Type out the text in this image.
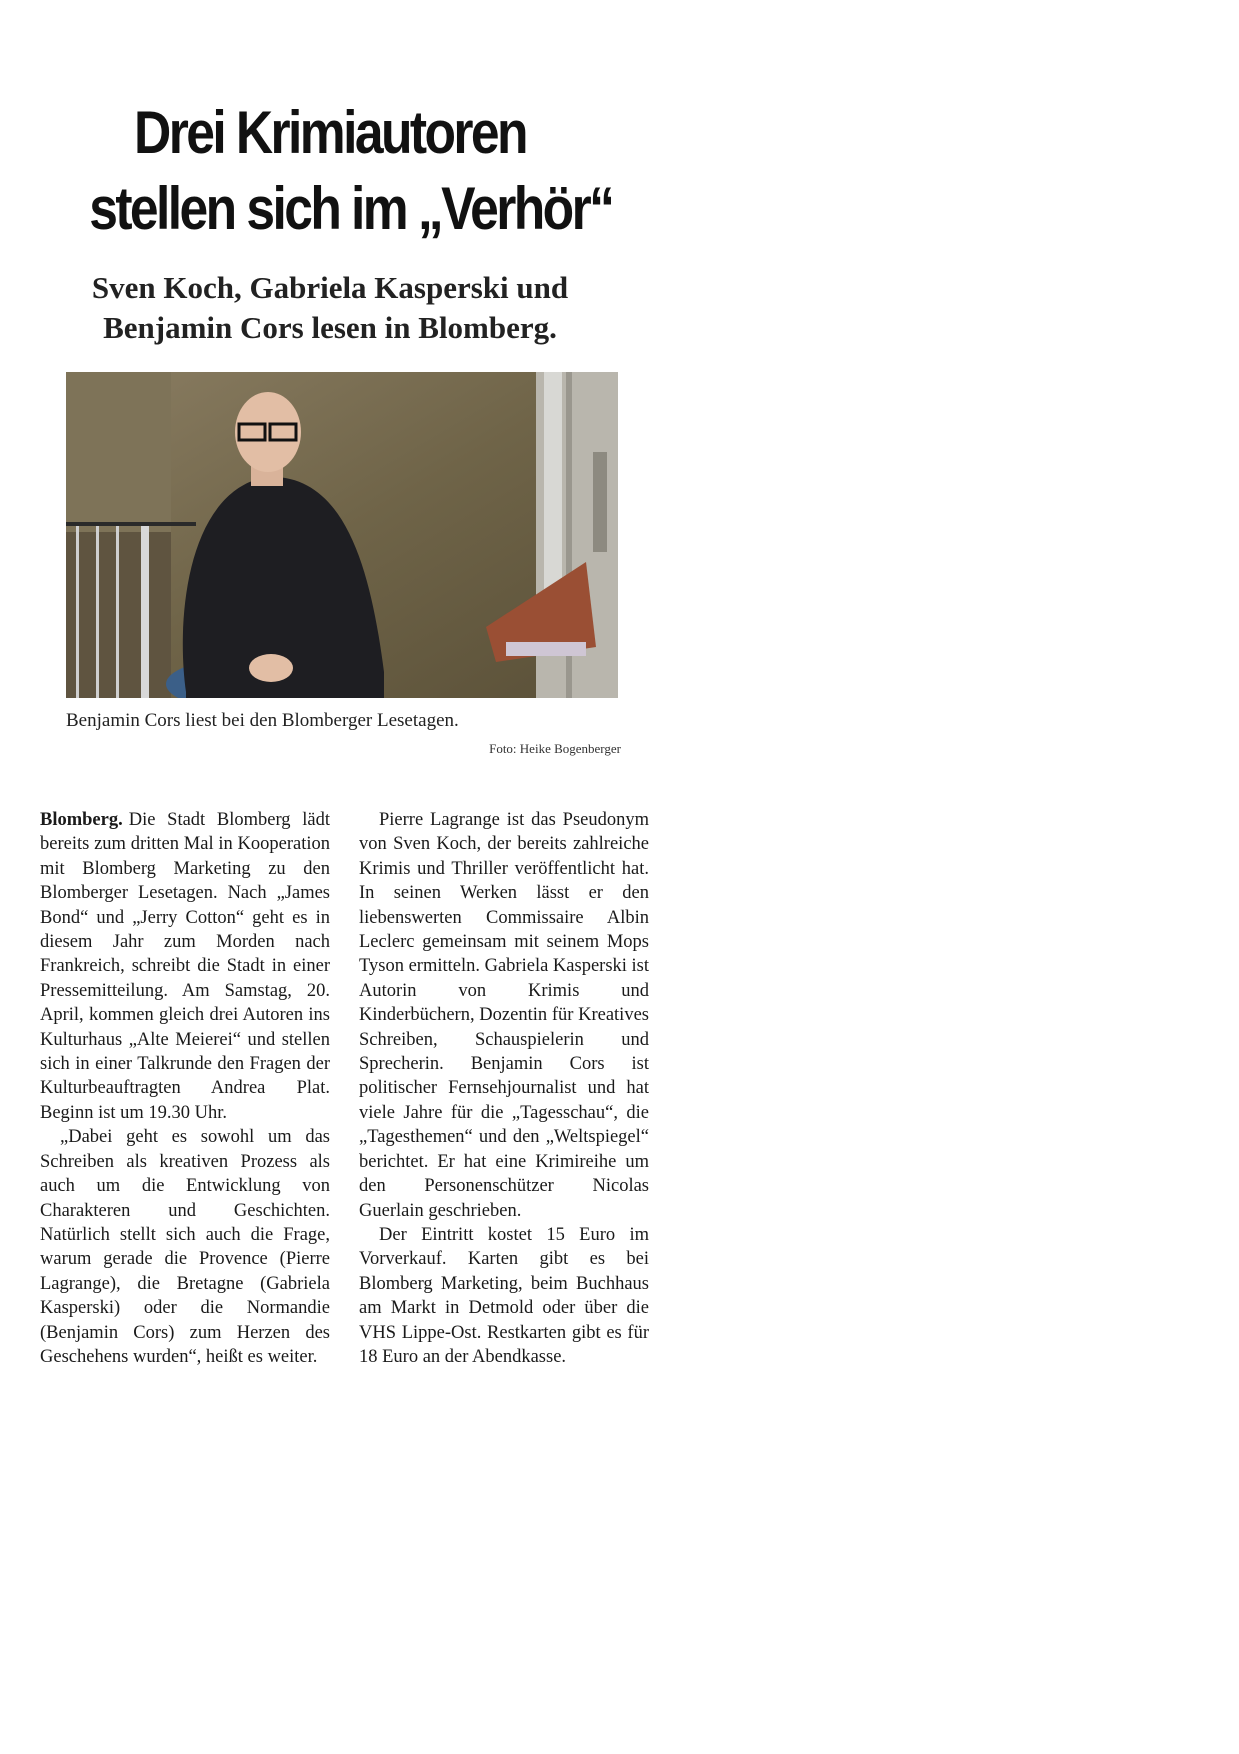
Drei Krimiautoren
stellen sich im „Verhör“
Sven Koch, Gabriela Kasperski und
Benjamin Cors lesen in Blomberg.

Benjamin Cors liest bei den Blomberger Lesetagen.

Foto: Heike Bogenberger

Blomberg. Die Stadt Blomberg lädt bereits zum dritten Mal in Kooperation mit Blomberg Marketing zu den Blomberger Lesetagen. Nach „James Bond“ und „Jerry Cotton“ geht es in diesem Jahr zum Morden nach Frankreich, schreibt die Stadt in einer Pressemitteilung. Am Samstag, 20. April, kommen gleich drei Autoren ins Kulturhaus „Alte Meierei“ und stellen sich in einer Talkrunde den Fragen der Kulturbeauftragten Andrea Plat. Beginn ist um 19.30 Uhr.

„Dabei geht es sowohl um das Schreiben als kreativen Prozess als auch um die Entwicklung von Charakteren und Geschichten. Natürlich stellt sich auch die Frage, warum gerade die Provence (Pierre Lagrange), die Bretagne (Gabriela Kasperski) oder die Normandie (Benjamin Cors) zum Herzen des Geschehens wurden“, heißt es weiter.

Pierre Lagrange ist das Pseudonym von Sven Koch, der bereits zahlreiche Krimis und Thriller veröffentlicht hat. In seinen Werken lässt er den liebenswerten Commissaire Albin Leclerc gemeinsam mit seinem Mops Tyson ermitteln. Gabriela Kasperski ist Autorin von Krimis und Kinderbüchern, Dozentin für Kreatives Schreiben, Schauspielerin und Sprecherin. Benjamin Cors ist politischer Fernsehjournalist und hat viele Jahre für die „Tagesschau“, die „Tagesthemen“ und den „Weltspiegel“ berichtet. Er hat eine Krimireihe um den Personenschützer Nicolas Guerlain geschrieben.

Der Eintritt kostet 15 Euro im Vorverkauf. Karten gibt es bei Blomberg Marketing, beim Buchhaus am Markt in Detmold oder über die VHS Lippe-Ost. Restkarten gibt es für 18 Euro an der Abendkasse.
